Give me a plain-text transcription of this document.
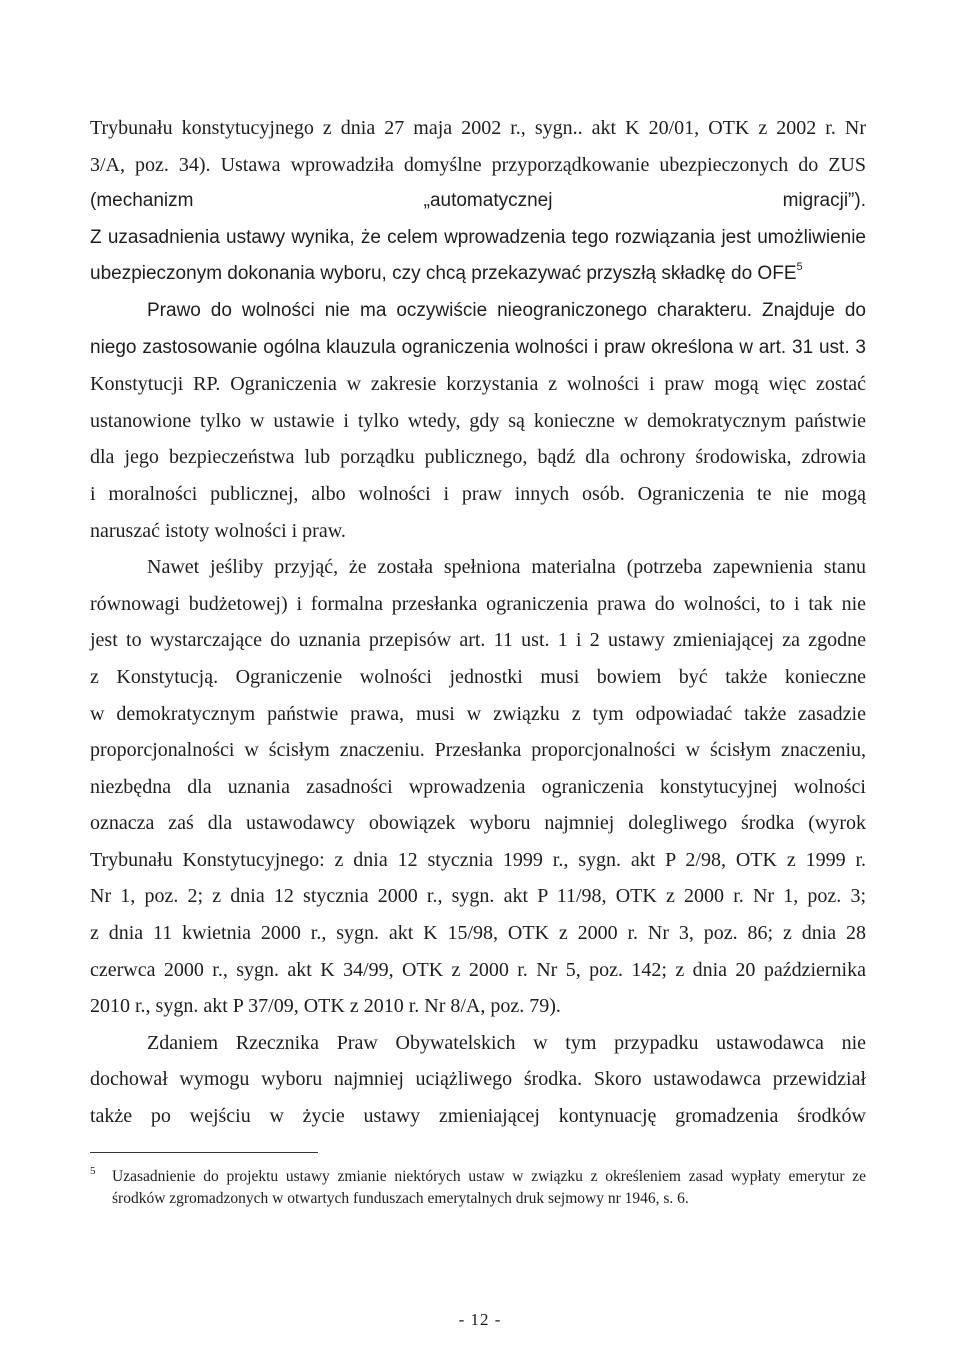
Trybunału konstytucyjnego z dnia 27 maja 2002 r., sygn.. akt K 20/01, OTK z 2002 r. Nr
3/A, poz. 34). Ustawa wprowadziła domyślne przyporządkowanie ubezpieczonych do ZUS
(mechanizm	„automatycznej	migracji”).
Z uzasadnienia ustawy wynika, że celem wprowadzenia tego rozwiązania jest umożliwienie
ubezpieczonym dokonania wyboru, czy chcą przekazywać przyszłą składkę do OFE$^5$
Prawo do wolności nie ma oczywiście nieograniczonego charakteru. Znajduje do
niego zastosowanie ogólna klauzula ograniczenia wolności i praw określona w art. 31 ust. 3
Konstytucji RP. Ograniczenia w zakresie korzystania z wolności i praw mogą więc zostać
ustanowione tylko w ustawie i tylko wtedy, gdy są konieczne w demokratycznym państwie
dla jego bezpieczeństwa lub porządku publicznego, bądź dla ochrony środowiska, zdrowia
i moralności publicznej, albo wolności i praw innych osób. Ograniczenia te nie mogą
naruszać istoty wolności i praw.
Nawet jeśliby przyjąć, że została spełniona materialna (potrzeba zapewnienia stanu
równowagi budżetowej) i formalna przesłanka ograniczenia prawa do wolności, to i tak nie
jest to wystarczające do uznania przepisów art. 11 ust. 1 i 2 ustawy zmieniającej za zgodne
z Konstytucją. Ograniczenie wolności jednostki musi bowiem być także konieczne
w demokratycznym państwie prawa, musi w związku z tym odpowiadać także zasadzie
proporcjonalności w ścisłym znaczeniu. Przesłanka proporcjonalności w ścisłym znaczeniu,
niezbędna dla uznania zasadności wprowadzenia ograniczenia konstytucyjnej wolności
oznacza zaś dla ustawodawcy obowiązek wyboru najmniej dolegliwego środka (wyrok
Trybunału Konstytucyjnego: z dnia 12 stycznia 1999 r., sygn. akt P 2/98, OTK z 1999 r.
Nr 1, poz. 2; z dnia 12 stycznia 2000 r., sygn. akt P 11/98, OTK z 2000 r. Nr 1, poz. 3;
z dnia 11 kwietnia 2000 r., sygn. akt K 15/98, OTK z 2000 r. Nr 3, poz. 86; z dnia 28
czerwca 2000 r., sygn. akt K 34/99, OTK z 2000 r. Nr 5, poz. 142; z dnia 20 października
2010 r., sygn. akt P 37/09, OTK z 2010 r. Nr 8/A, poz. 79).
Zdaniem Rzecznika Praw Obywatelskich w tym przypadku ustawodawca nie
dochował wymogu wyboru najmniej uciążliwego środka. Skoro ustawodawca przewidział
także po wejściu w życie ustawy zmieniającej kontynuację gromadzenia środków
5	Uzasadnienie do projektu ustawy zmianie niektórych ustaw w związku z określeniem zasad wypłaty emerytur ze środków zgromadzonych w otwartych funduszach emerytalnych druk sejmowy nr 1946, s. 6.
- 12 -
